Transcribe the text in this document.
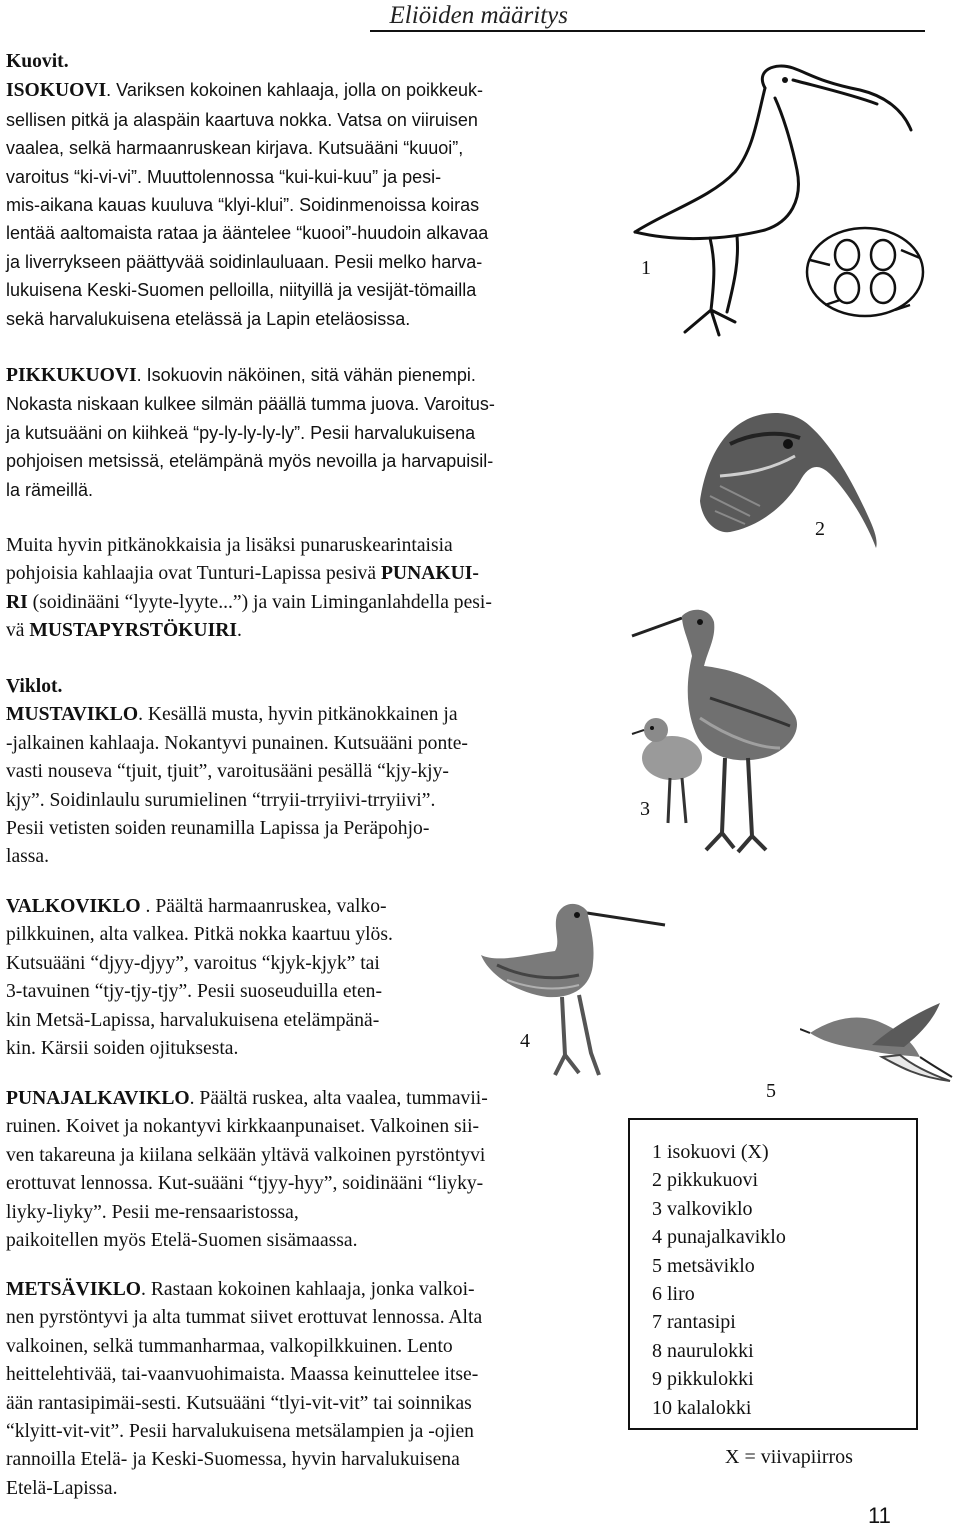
Eliöiden määritys
Kuovit.
ISOKUOVI. Variksen kokoinen kahlaaja, jolla on poikkeuk-
sellisen pitkä ja alaspäin kaartuva nokka. Vatsa on viiruisen
vaalea, selkä harmaanruskean kirjava. Kutsuääni “kuuoi”,
varoitus “ki-vi-vi”. Muuttolennossa “kui-kui-kuu” ja pesi-
mis-aikana kauas kuuluva “klyi-klui”. Soidinmenoissa koiras
lentää aaltomaista rataa ja ääntelee “kuooi”-huudoin alkavaa
ja liverrykseen päättyvää soidinlauluaan. Pesii melko harva-
lukuisena Keski-Suomen pelloilla, niityillä ja vesijät-tömailla
sekä harvalukuisena etelässä ja Lapin eteläosissa.
PIKKUKUOVI. Isokuovin näköinen, sitä vähän pienempi.
Nokasta niskaan kulkee silmän päällä tumma juova. Varoitus-
ja kutsuääni on kiihkeä “py-ly-ly-ly-ly”. Pesii harvalukuisena
pohjoisen metsissä, etelämpänä myös nevoilla ja harvapuisil-
la rämeillä.
Muita hyvin pitkänokkaisia ja lisäksi punaruskearintaisia
pohjoisia kahlaajia ovat Tunturi-Lapissa pesivä PUNAKUI-
RI (soidinääni “lyyte-lyyte...”) ja vain Liminganlahdella pesi-
vä MUSTAPYRSTÖKUIRI.
Viklot.
MUSTAVIKLO. Kesällä musta, hyvin pitkänokkainen ja
-jalkainen kahlaaja. Nokantyvi punainen. Kutsuääni ponte-
vasti nouseva “tjuit, tjuit”, varoitusääni pesällä “kjy-kjy-
kjy”. Soidinlaulu surumielinen “trryii-trryiivi-trryiivi”.
Pesii vetisten soiden reunamilla Lapissa ja Peräpohjo-
lassa.
VALKOVIKLO . Päältä harmaanruskea, valko-
pilkkuinen, alta valkea. Pitkä nokka kaartuu ylös.
Kutsuääni “djyy-djyy”, varoitus “kjyk-kjyk” tai
3-tavuinen “tjy-tjy-tjy”. Pesii suoseuduilla eten-
kin Metsä-Lapissa, harvalukuisena etelämpänä-
kin. Kärsii soiden ojituksesta.
PUNAJALKAVIKLO. Päältä ruskea, alta vaalea, tummavii-
ruinen. Koivet ja nokantyvi kirkkaanpunaiset. Valkoinen sii-
ven takareuna ja kiilana selkään yltävä valkoinen pyrstöntyvi
erottuvat lennossa. Kut-suääni “tjyy-hyy”, soidinääni “liyky-
liyky-liyky”. Pesii me-rensaaristossa,
paikoitellen myös Etelä-Suomen sisämaassa.
METSÄVIKLO. Rastaan kokoinen kahlaaja, jonka valkoi-
nen pyrstöntyvi ja alta tummat siivet erottuvat lennossa. Alta
valkoinen, selkä tummanharmaa, valkopilkkuinen. Lento
heittelehtivää, tai-vaanvuohimaista. Maassa keinuttelee itse-
ään rantasipimäi-sesti. Kutsuääni “tlyi-vit-vit” tai soinnikas
“klyitt-vit-vit”. Pesii harvalukuisena metsälampien ja -ojien
rannoilla Etelä- ja Keski-Suomessa, hyvin harvalukuisena
Etelä-Lapissa.
1
2
3
4
5
1 isokuovi (X)
2 pikkukuovi
3 valkoviklo
4 punajalkaviklo
5 metsäviklo
6 liro
7 rantasipi
8 naurulokki
9 pikkulokki
10 kalalokki
X = viivapiirros
11
